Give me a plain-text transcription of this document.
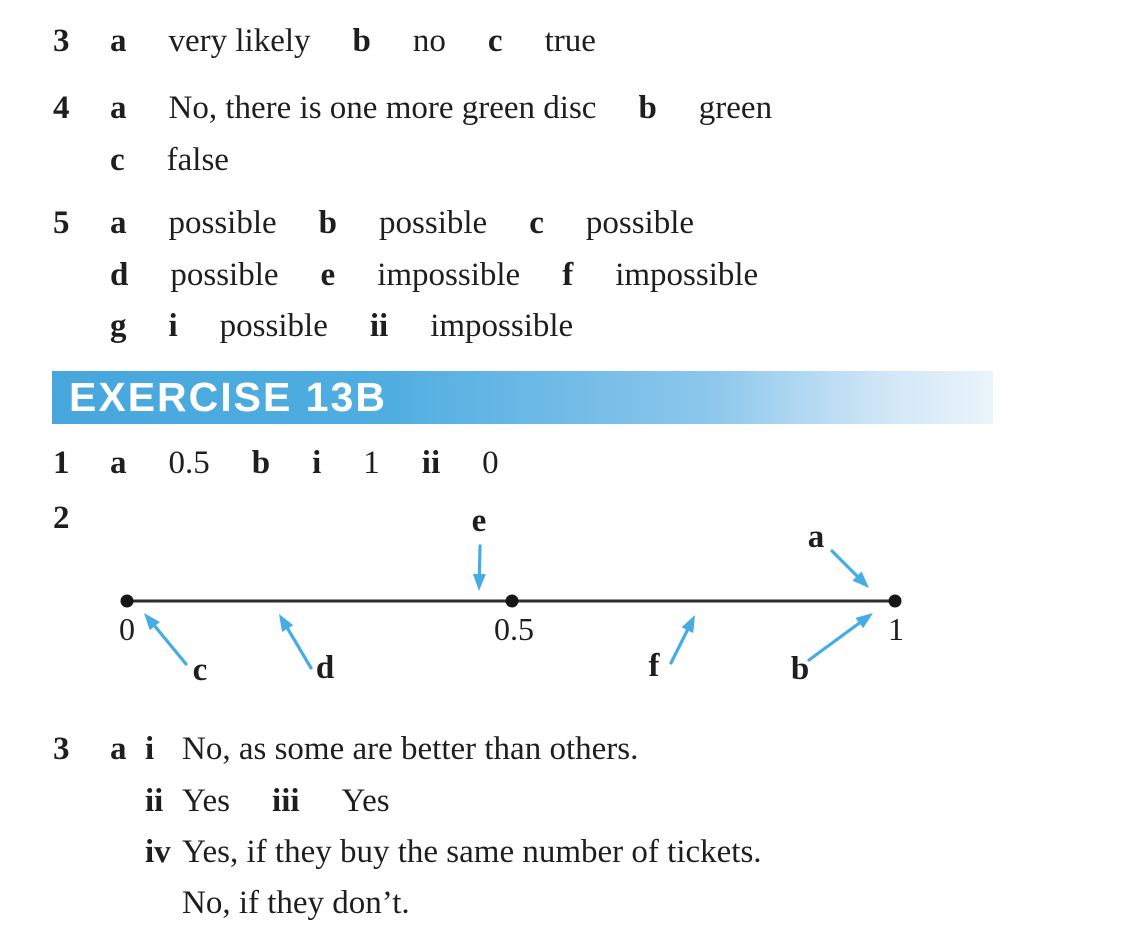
EXERCISE 13B
3	a very likely b no c true
4	a No, there is one more green disc b green
c false
5	a possible b possible c possible
d possible e impossible f impossible
g i possible ii impossible
1	a 0.5 b i 1 ii 0
2
3	a i No, as some are better than others.
ii Yes iii Yes
iv Yes, if they buy the same number of tickets.
No, if they don’t.
0	0.5	1
e	a
c	d	f	b
